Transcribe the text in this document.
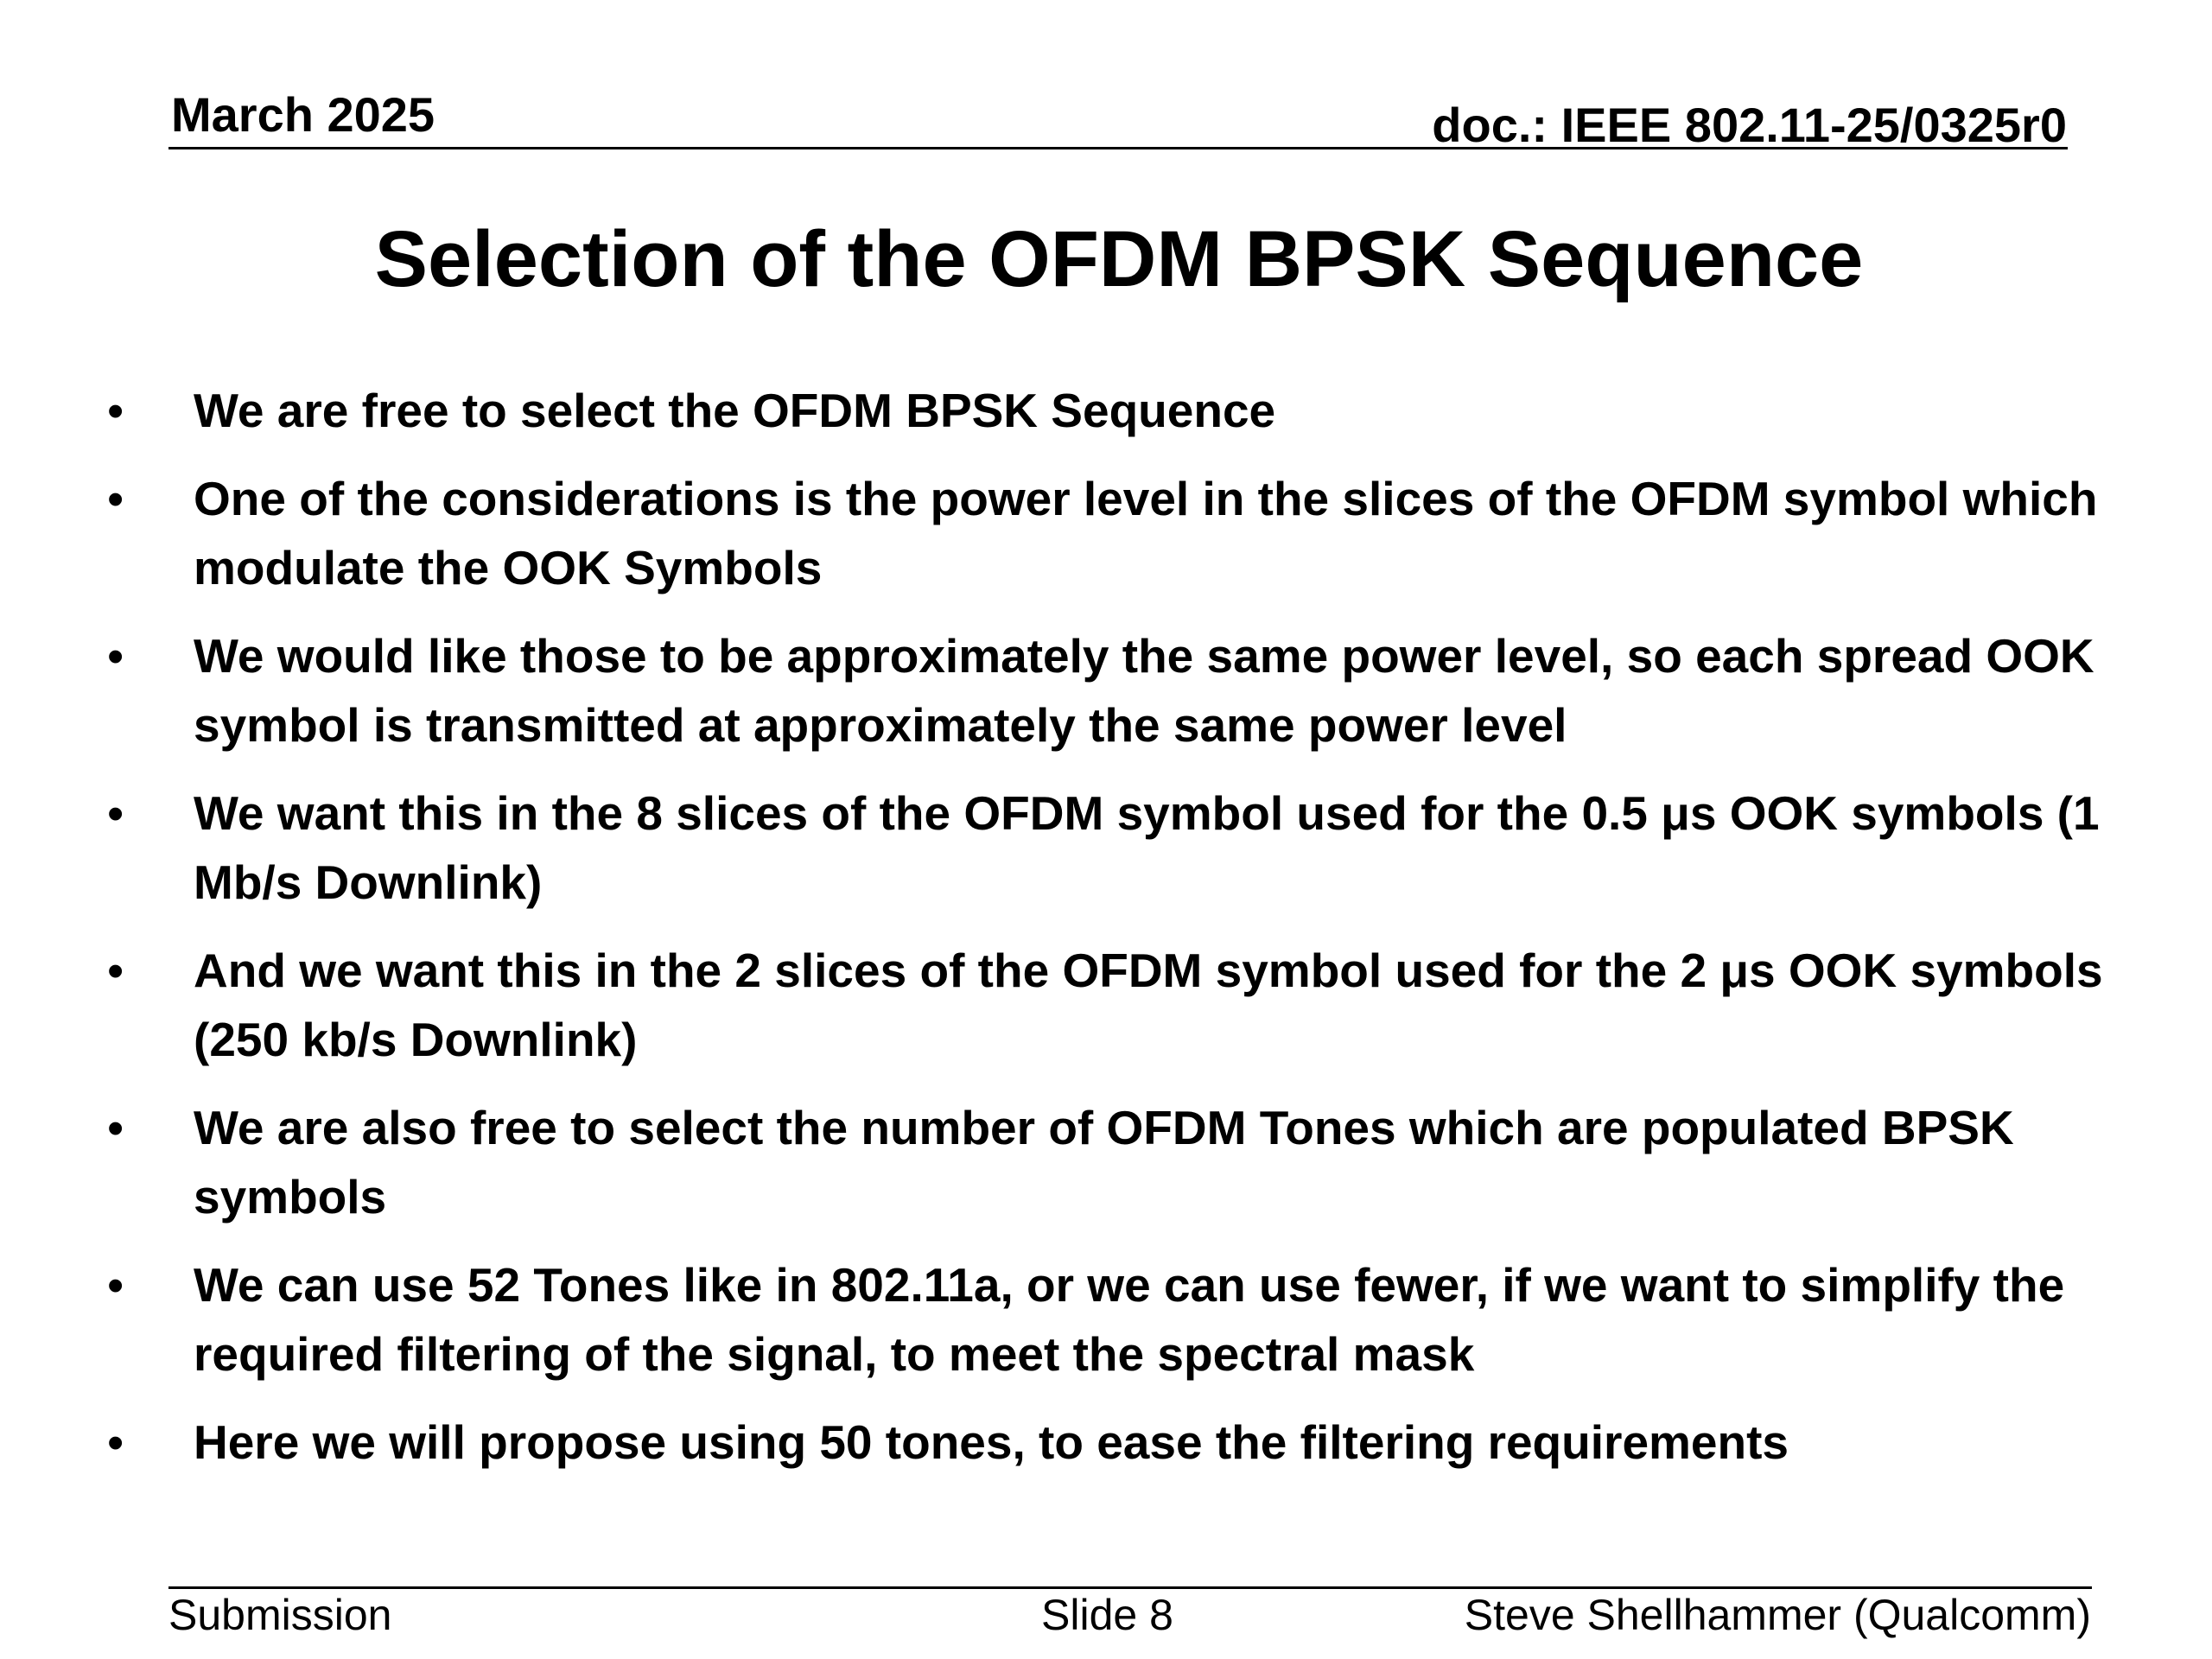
March 2025	doc.: IEEE 802.11-25/0325r0
Selection of the OFDM BPSK Sequence
• We are free to select the OFDM BPSK Sequence
• One of the considerations is the power level in the slices of the OFDM symbol which modulate the OOK Symbols
• We would like those to be approximately the same power level, so each spread OOK symbol is transmitted at approximately the same power level
• We want this in the 8 slices of the OFDM symbol used for the 0.5 μs OOK symbols (1 Mb/s Downlink)
• And we want this in the 2 slices of the OFDM symbol used for the 2 μs OOK symbols (250 kb/s Downlink)
• We are also free to select the number of OFDM Tones which are populated BPSK symbols
• We can use 52 Tones like in 802.11a, or we can use fewer, if we want to simplify the required filtering of the signal, to meet the spectral mask
• Here we will propose using 50 tones, to ease the filtering requirements
Submission	Slide 8	Steve Shellhammer (Qualcomm)
